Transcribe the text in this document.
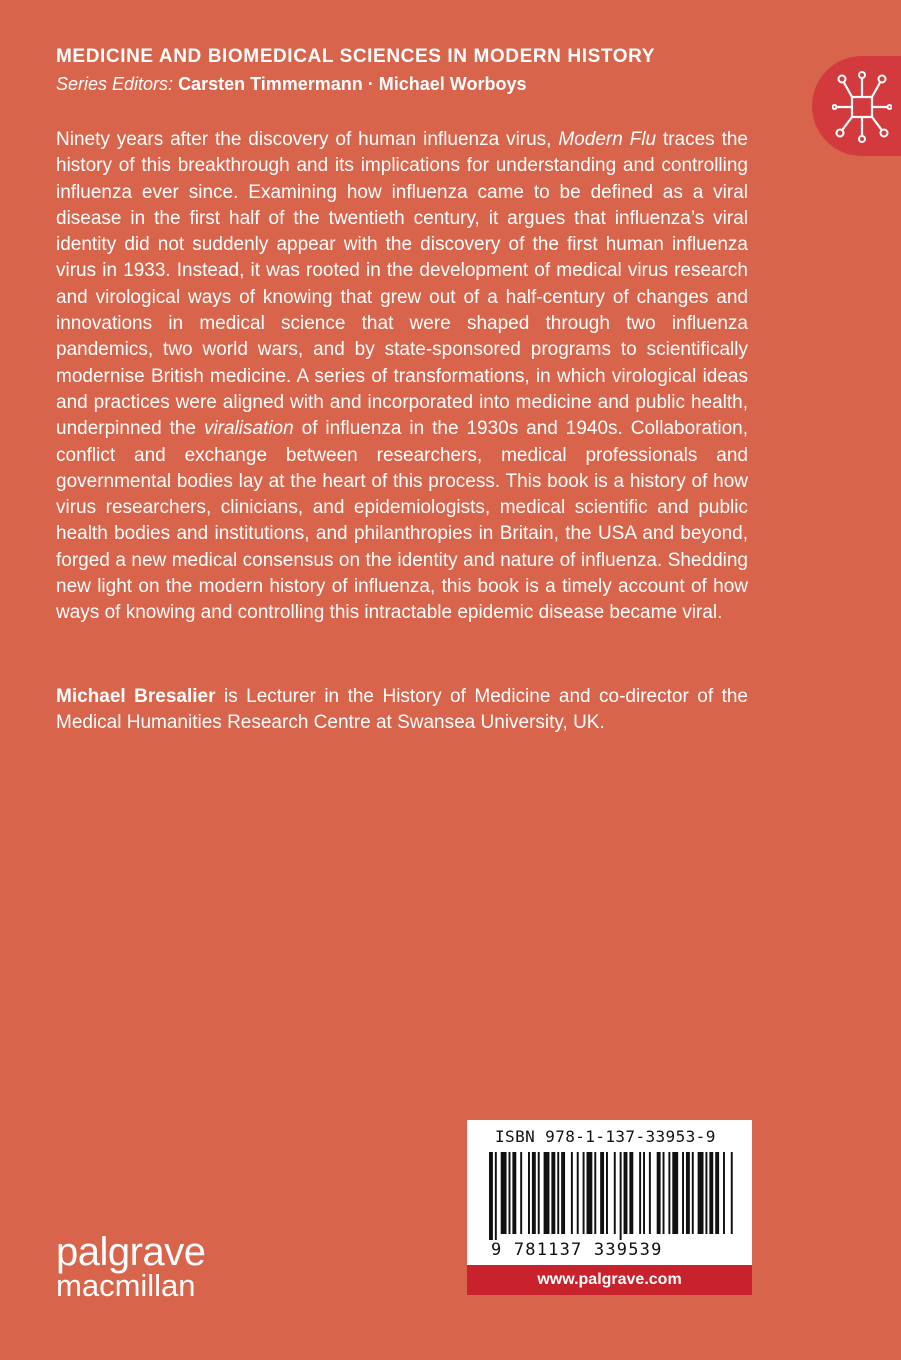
MEDICINE AND BIOMEDICAL SCIENCES IN MODERN HISTORY
Series Editors: Carsten Timmermann · Michael Worboys

Ninety years after the discovery of human influenza virus, Modern Flu traces the history of this breakthrough and its implications for understanding and controlling influenza ever since. Examining how influenza came to be defined as a viral disease in the first half of the twentieth century, it argues that influenza’s viral identity did not suddenly appear with the discovery of the first human influenza virus in 1933. Instead, it was rooted in the development of medical virus research and virological ways of knowing that grew out of a half-century of changes and innovations in medical science that were shaped through two influenza pandemics, two world wars, and by state-sponsored programs to scientifically modernise British medicine. A series of transformations, in which virological ideas and practices were aligned with and incorporated into medicine and public health, underpinned the viralisation of influenza in the 1930s and 1940s. Collaboration, conflict and exchange between researchers, medical professionals and governmental bodies lay at the heart of this process. This book is a history of how virus researchers, clinicians, and epidemiologists, medical scientific and public health bodies and institutions, and philanthropies in Britain, the USA and beyond, forged a new medical consensus on the identity and nature of influenza. Shedding new light on the modern history of influenza, this book is a timely account of how ways of knowing and controlling this intractable epidemic disease became viral.

Michael Bresalier is Lecturer in the History of Medicine and co-director of the Medical Humanities Research Centre at Swansea University, UK.
palgrave
macmillan
ISBN 978-1-137-33953-9
9 781137 339539
www.palgrave.com
